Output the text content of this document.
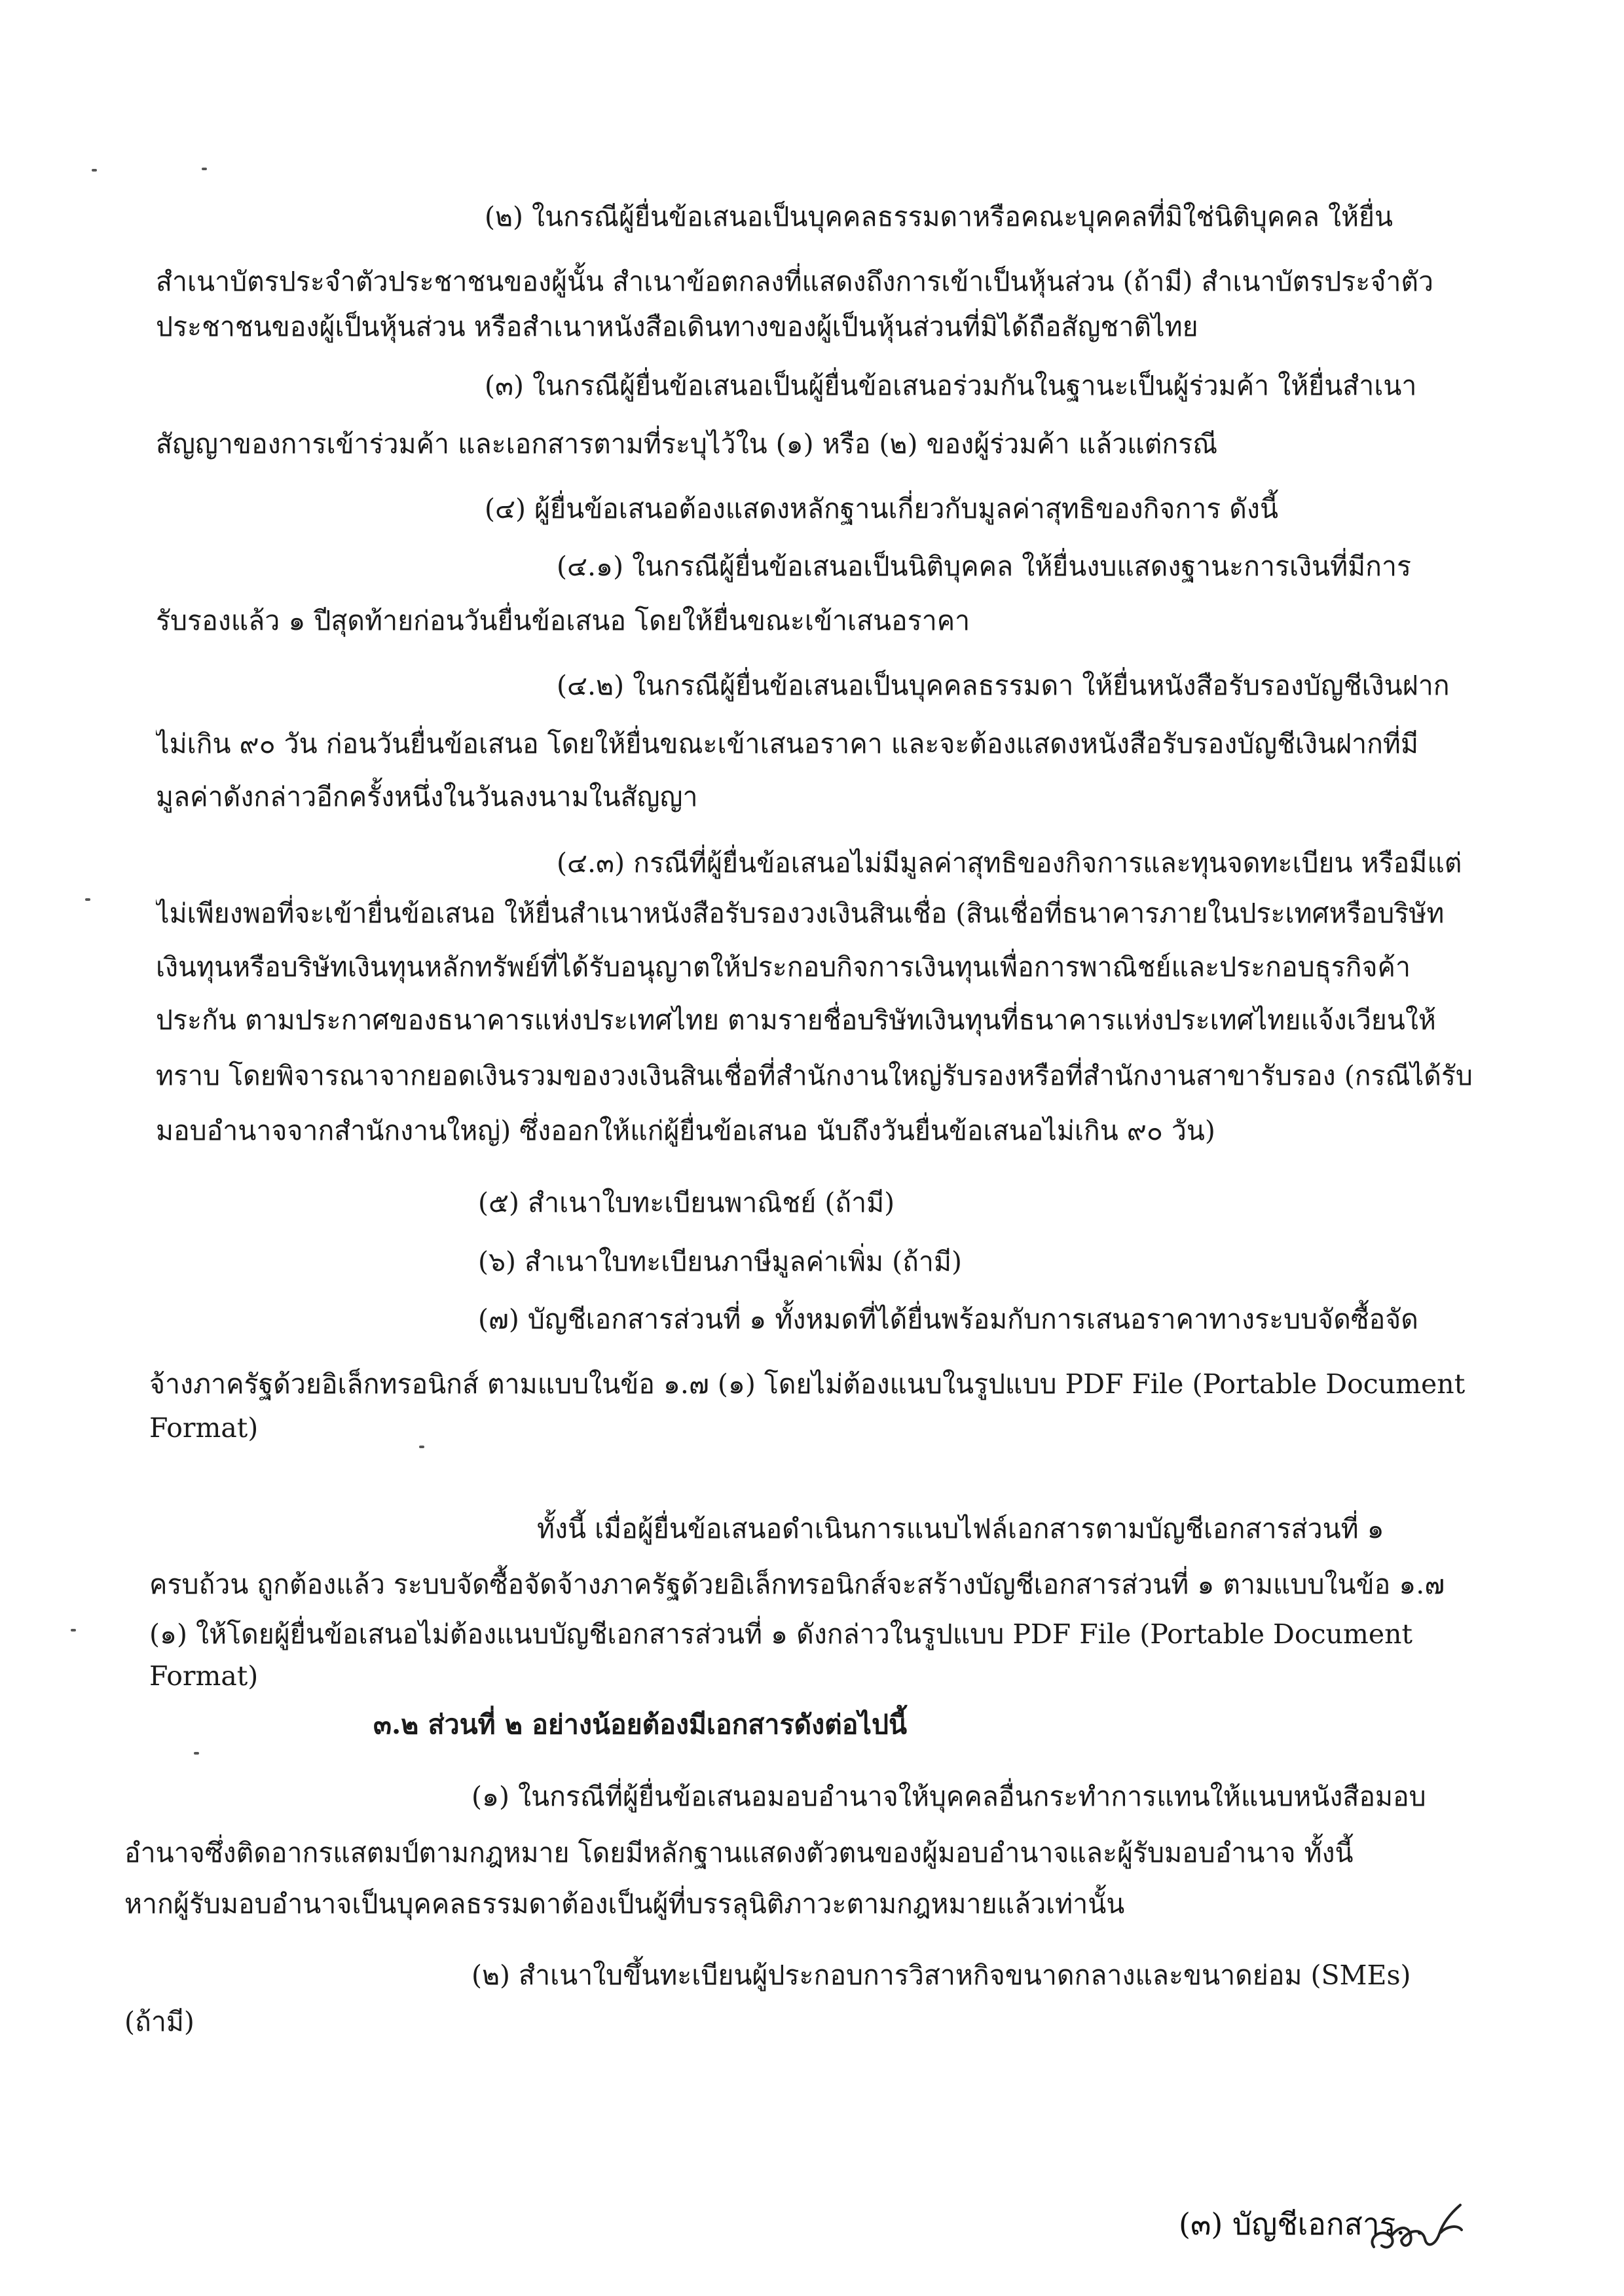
(๒) ในกรณีผู้ยื่นข้อเสนอเป็นบุคคลธรรมดาหรือคณะบุคคลที่มิใช่นิติบุคคล ให้ยื่น
สำเนาบัตรประจำตัวประชาชนของผู้นั้น สำเนาข้อตกลงที่แสดงถึงการเข้าเป็นหุ้นส่วน (ถ้ามี) สำเนาบัตรประจำตัว
ประชาชนของผู้เป็นหุ้นส่วน หรือสำเนาหนังสือเดินทางของผู้เป็นหุ้นส่วนที่มิได้ถือสัญชาติไทย
(๓) ในกรณีผู้ยื่นข้อเสนอเป็นผู้ยื่นข้อเสนอร่วมกันในฐานะเป็นผู้ร่วมค้า ให้ยื่นสำเนา
สัญญาของการเข้าร่วมค้า และเอกสารตามที่ระบุไว้ใน (๑) หรือ (๒) ของผู้ร่วมค้า แล้วแต่กรณี
(๔) ผู้ยื่นข้อเสนอต้องแสดงหลักฐานเกี่ยวกับมูลค่าสุทธิของกิจการ ดังนี้
(๔.๑) ในกรณีผู้ยื่นข้อเสนอเป็นนิติบุคคล ให้ยื่นงบแสดงฐานะการเงินที่มีการ
รับรองแล้ว ๑ ปีสุดท้ายก่อนวันยื่นข้อเสนอ โดยให้ยื่นขณะเข้าเสนอราคา
(๔.๒) ในกรณีผู้ยื่นข้อเสนอเป็นบุคคลธรรมดา ให้ยื่นหนังสือรับรองบัญชีเงินฝาก
ไม่เกิน ๙๐ วัน ก่อนวันยื่นข้อเสนอ โดยให้ยื่นขณะเข้าเสนอราคา และจะต้องแสดงหนังสือรับรองบัญชีเงินฝากที่มี
มูลค่าดังกล่าวอีกครั้งหนึ่งในวันลงนามในสัญญา
(๔.๓) กรณีที่ผู้ยื่นข้อเสนอไม่มีมูลค่าสุทธิของกิจการและทุนจดทะเบียน หรือมีแต่
ไม่เพียงพอที่จะเข้ายื่นข้อเสนอ ให้ยื่นสำเนาหนังสือรับรองวงเงินสินเชื่อ (สินเชื่อที่ธนาคารภายในประเทศหรือบริษัท
เงินทุนหรือบริษัทเงินทุนหลักทรัพย์ที่ได้รับอนุญาตให้ประกอบกิจการเงินทุนเพื่อการพาณิชย์และประกอบธุรกิจค้า
ประกัน ตามประกาศของธนาคารแห่งประเทศไทย ตามรายชื่อบริษัทเงินทุนที่ธนาคารแห่งประเทศไทยแจ้งเวียนให้
ทราบ โดยพิจารณาจากยอดเงินรวมของวงเงินสินเชื่อที่สำนักงานใหญ่รับรองหรือที่สำนักงานสาขารับรอง (กรณีได้รับ
มอบอำนาจจากสำนักงานใหญ่) ซึ่งออกให้แก่ผู้ยื่นข้อเสนอ นับถึงวันยื่นข้อเสนอไม่เกิน ๙๐ วัน)
(๕) สำเนาใบทะเบียนพาณิชย์ (ถ้ามี)
(๖) สำเนาใบทะเบียนภาษีมูลค่าเพิ่ม (ถ้ามี)
(๗) บัญชีเอกสารส่วนที่ ๑ ทั้งหมดที่ได้ยื่นพร้อมกับการเสนอราคาทางระบบจัดซื้อจัด
จ้างภาครัฐด้วยอิเล็กทรอนิกส์ ตามแบบในข้อ ๑.๗ (๑) โดยไม่ต้องแนบในรูปแบบ PDF File (Portable Document
Format)
ทั้งนี้ เมื่อผู้ยื่นข้อเสนอดำเนินการแนบไฟล์เอกสารตามบัญชีเอกสารส่วนที่ ๑
ครบถ้วน ถูกต้องแล้ว ระบบจัดซื้อจัดจ้างภาครัฐด้วยอิเล็กทรอนิกส์จะสร้างบัญชีเอกสารส่วนที่ ๑ ตามแบบในข้อ ๑.๗
(๑) ให้โดยผู้ยื่นข้อเสนอไม่ต้องแนบบัญชีเอกสารส่วนที่ ๑ ดังกล่าวในรูปแบบ PDF File (Portable Document
Format)
๓.๒ ส่วนที่ ๒ อย่างน้อยต้องมีเอกสารดังต่อไปนี้
(๑) ในกรณีที่ผู้ยื่นข้อเสนอมอบอำนาจให้บุคคลอื่นกระทำการแทนให้แนบหนังสือมอบ
อำนาจซึ่งติดอากรแสตมป์ตามกฎหมาย โดยมีหลักฐานแสดงตัวตนของผู้มอบอำนาจและผู้รับมอบอำนาจ ทั้งนี้
หากผู้รับมอบอำนาจเป็นบุคคลธรรมดาต้องเป็นผู้ที่บรรลุนิติภาวะตามกฎหมายแล้วเท่านั้น
(๒) สำเนาใบขึ้นทะเบียนผู้ประกอบการวิสาหกิจขนาดกลางและขนาดย่อม (SMEs)
(ถ้ามี)
(๓) บัญชีเอกสาร...
